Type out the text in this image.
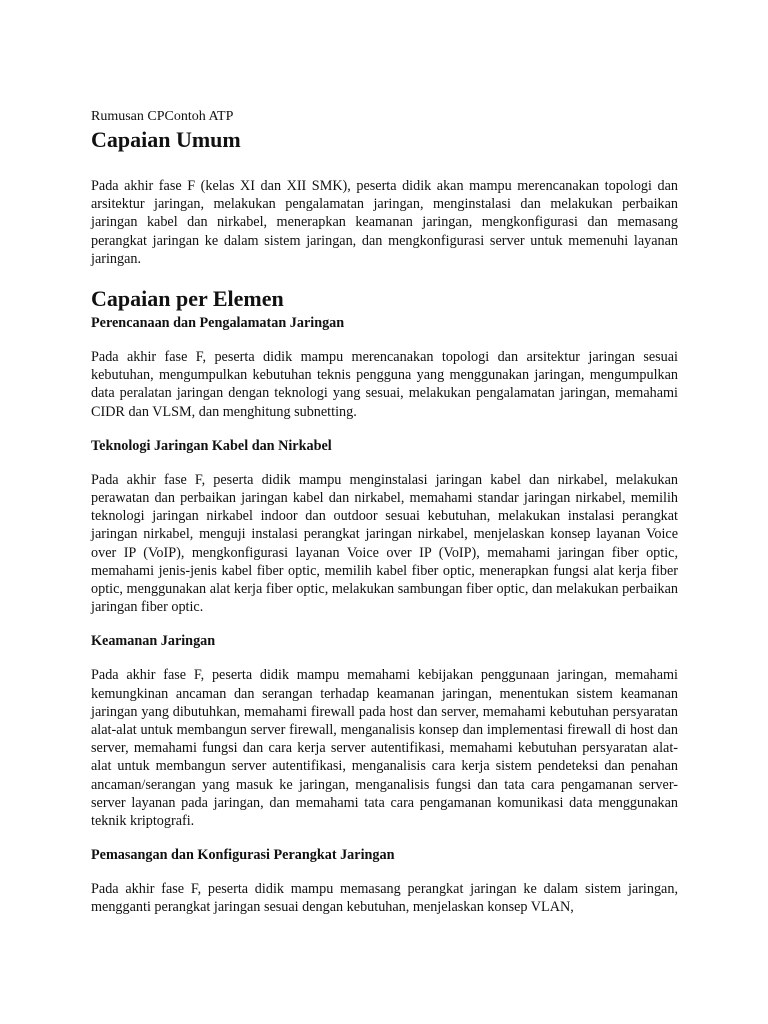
Rumusan CPContoh ATP

Capaian Umum

Pada akhir fase F (kelas XI dan XII SMK), peserta didik akan mampu merencanakan topologi dan arsitektur jaringan, melakukan pengalamatan jaringan, menginstalasi dan melakukan perbaikan jaringan kabel dan nirkabel, menerapkan keamanan jaringan, mengkonfigurasi dan memasang perangkat jaringan ke dalam sistem jaringan, dan mengkonfigurasi server untuk memenuhi layanan jaringan.

Capaian per Elemen
Perencanaan dan Pengalamatan Jaringan

Pada akhir fase F, peserta didik mampu merencanakan topologi dan arsitektur jaringan sesuai kebutuhan, mengumpulkan kebutuhan teknis pengguna yang menggunakan jaringan, mengumpulkan data peralatan jaringan dengan teknologi yang sesuai, melakukan pengalamatan jaringan, memahami CIDR dan VLSM, dan menghitung subnetting.

Teknologi Jaringan Kabel dan Nirkabel

Pada akhir fase F, peserta didik mampu menginstalasi jaringan kabel dan nirkabel, melakukan perawatan dan perbaikan jaringan kabel dan nirkabel, memahami standar jaringan nirkabel, memilih teknologi jaringan nirkabel indoor dan outdoor sesuai kebutuhan, melakukan instalasi perangkat jaringan nirkabel, menguji instalasi perangkat jaringan nirkabel, menjelaskan konsep layanan Voice over IP (VoIP), mengkonfigurasi layanan Voice over IP (VoIP), memahami jaringan fiber optic, memahami jenis-jenis kabel fiber optic, memilih kabel fiber optic, menerapkan fungsi alat kerja fiber optic, menggunakan alat kerja fiber optic, melakukan sambungan fiber optic, dan melakukan perbaikan jaringan fiber optic.

Keamanan Jaringan

Pada akhir fase F, peserta didik mampu memahami kebijakan penggunaan jaringan, memahami kemungkinan ancaman dan serangan terhadap keamanan jaringan, menentukan sistem keamanan jaringan yang dibutuhkan, memahami firewall pada host dan server, memahami kebutuhan persyaratan alat-alat untuk membangun server firewall, menganalisis konsep dan implementasi firewall di host dan server, memahami fungsi dan cara kerja server autentifikasi, memahami kebutuhan persyaratan alat-alat untuk membangun server autentifikasi, menganalisis cara kerja sistem pendeteksi dan penahan ancaman/serangan yang masuk ke jaringan, menganalisis fungsi dan tata cara pengamanan server-server layanan pada jaringan, dan memahami tata cara pengamanan komunikasi data menggunakan teknik kriptografi.

Pemasangan dan Konfigurasi Perangkat Jaringan

Pada akhir fase F, peserta didik mampu memasang perangkat jaringan ke dalam sistem jaringan, mengganti perangkat jaringan sesuai dengan kebutuhan, menjelaskan konsep VLAN,
